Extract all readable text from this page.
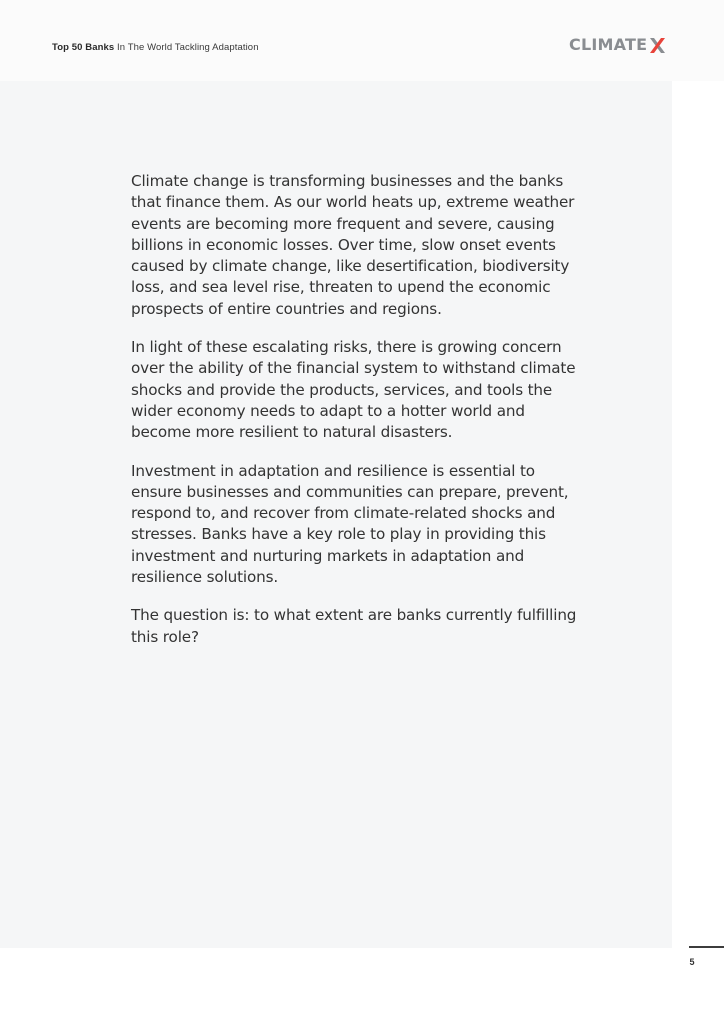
Top 50 Banks In The World Tackling Adaptation	CLIMATE

Climate change is transforming businesses and the banks that finance them. As our world heats up, extreme weather events are becoming more frequent and severe, causing billions in economic losses. Over time, slow onset events caused by climate change, like desertification, biodiversity loss, and sea level rise, threaten to upend the economic prospects of entire countries and regions.

In light of these escalating risks, there is growing concern over the ability of the financial system to withstand climate shocks and provide the products, services, and tools the wider economy needs to adapt to a hotter world and become more resilient to natural disasters.

Investment in adaptation and resilience is essential to ensure businesses and communities can prepare, prevent, respond to, and recover from climate-related shocks and stresses. Banks have a key role to play in providing this investment and nurturing markets in adaptation and resilience solutions.

The question is: to what extent are banks currently fulfilling this role?

5
